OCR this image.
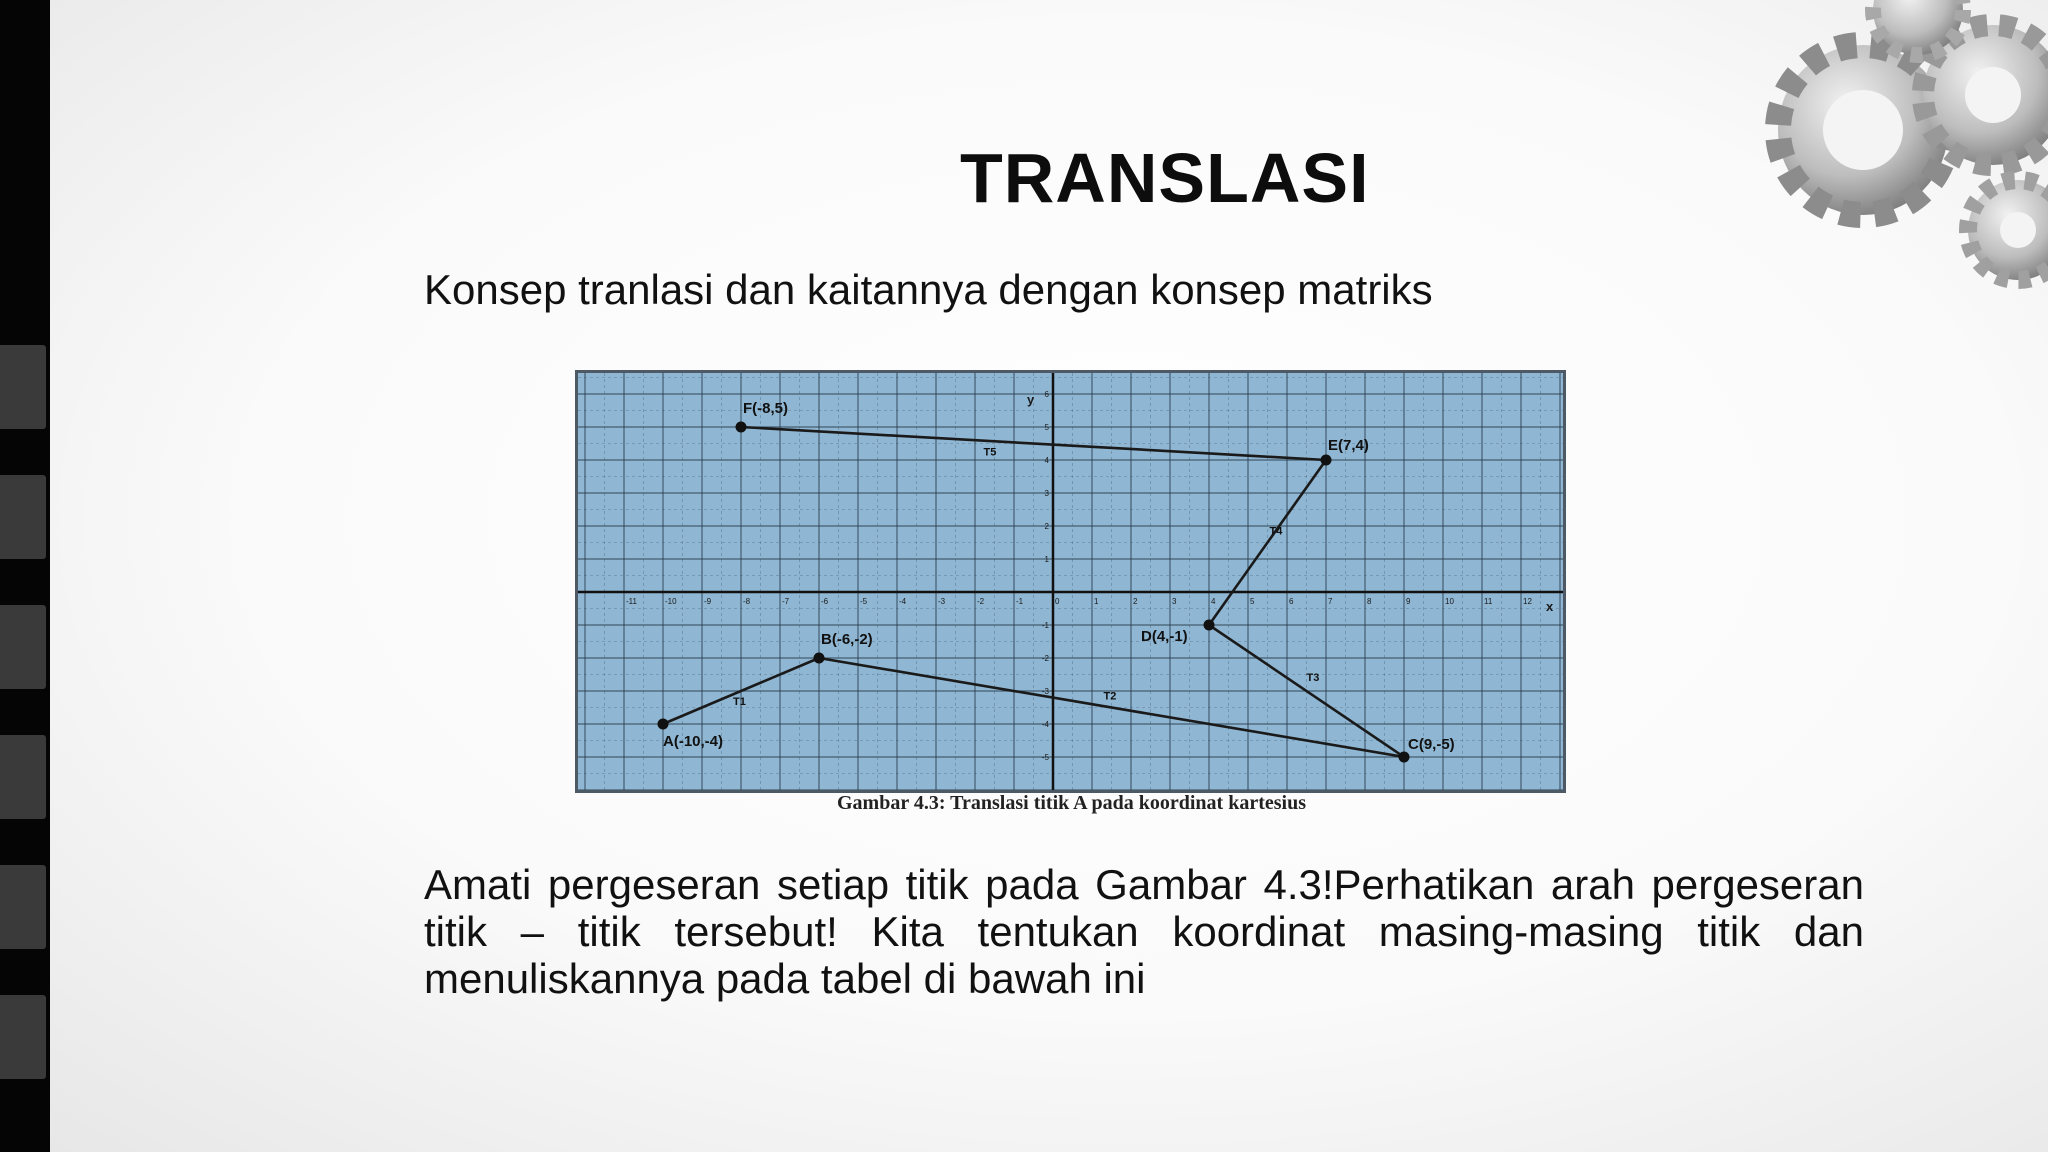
TRANSLASI

Konsep tranlasi dan kaitannya dengan konsep matriks

-11	-10	-9	-8	-7	-6	-5	-4	-3	-2	-1	0	1	2	3	4	5	6	7	8	9	10	11	12
-5
-4
-3
-2
-1
1
2
3
4
5
6
x
y
T1	T2
T3
T4
T5
A(-10,-4)
B(-6,-2)
C(9,-5)
D(4,-1)
E(7,4)
F(-8,5)
Gambar 4.3: Translasi titik A pada koordinat kartesius

Amati pergeseran setiap titik pada Gambar 4.3!Perhatikan arah pergeseran titik – titik tersebut! Kita tentukan koordinat masing-masing titik dan menuliskannya pada tabel di bawah ini
